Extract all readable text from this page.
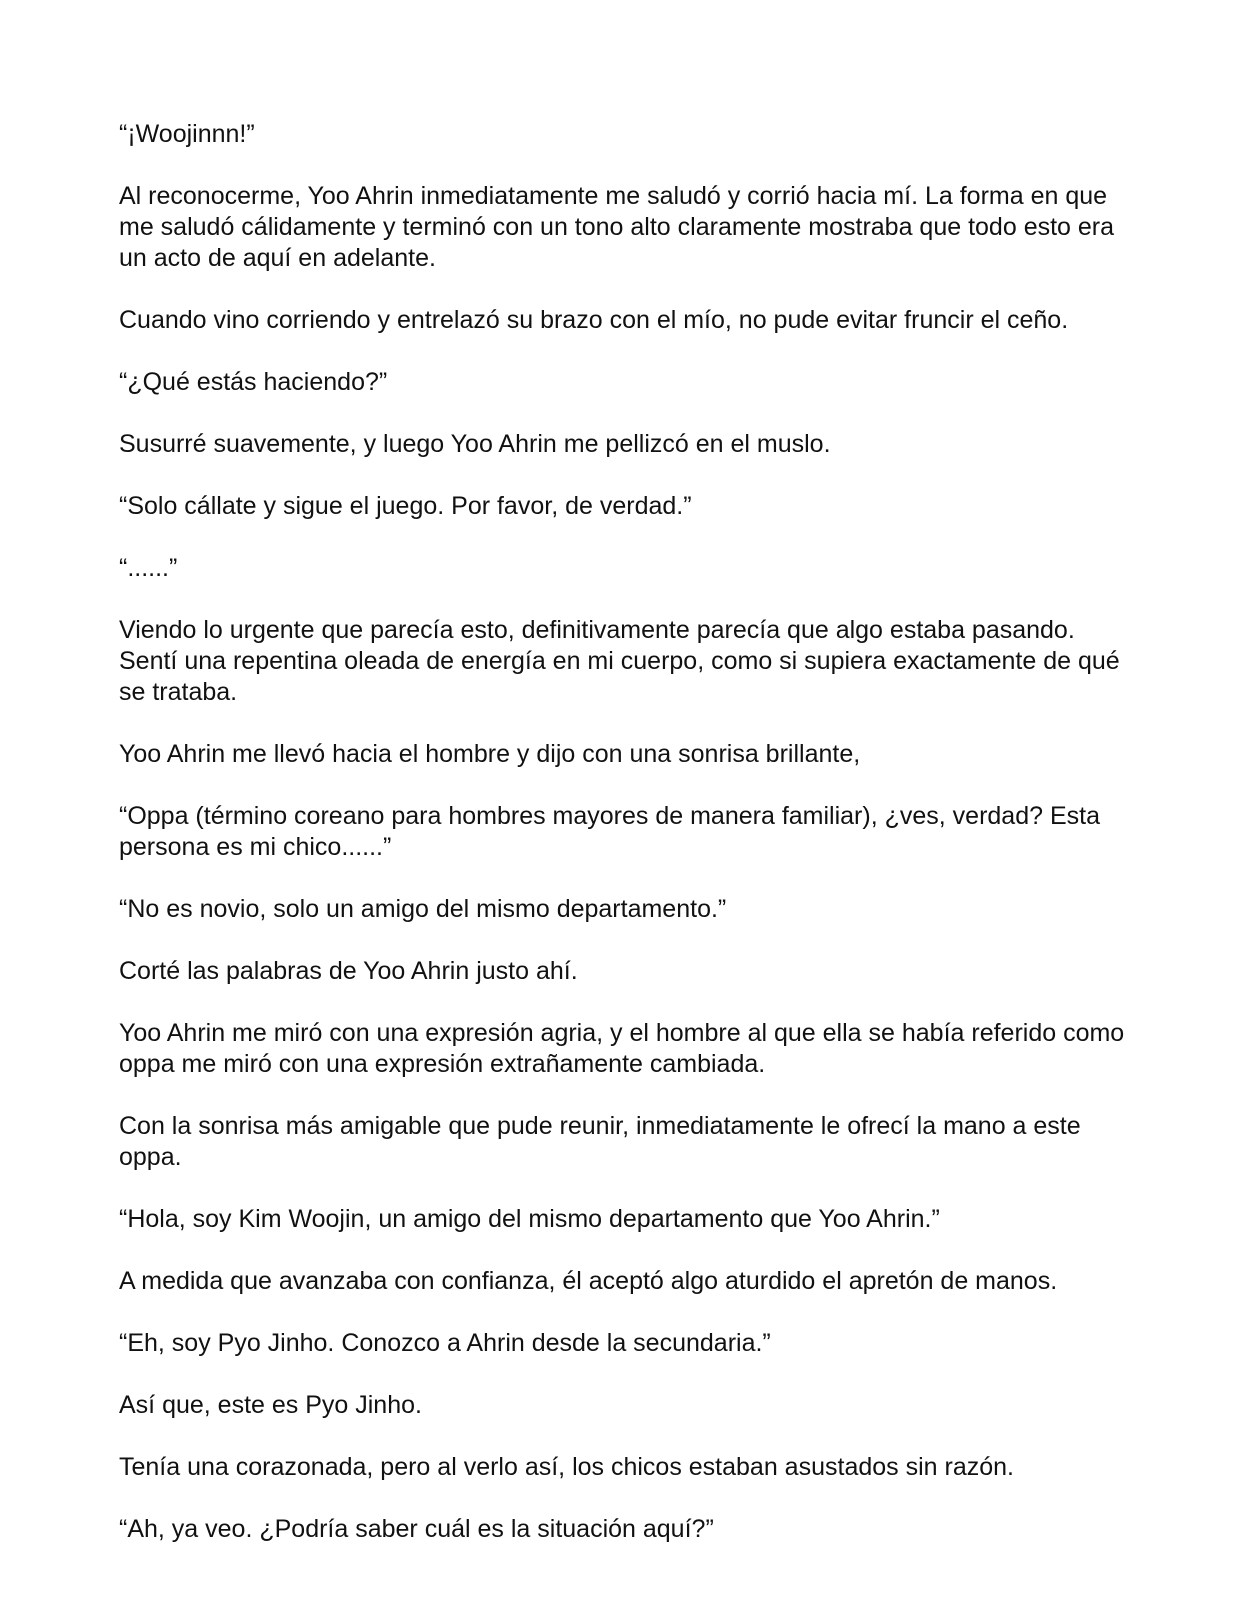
“¡Woojinnn!”

Al reconocerme, Yoo Ahrin inmediatamente me saludó y corrió hacia mí. La forma en que me saludó cálidamente y terminó con un tono alto claramente mostraba que todo esto era un acto de aquí en adelante.

Cuando vino corriendo y entrelazó su brazo con el mío, no pude evitar fruncir el ceño.

“¿Qué estás haciendo?”

Susurré suavemente, y luego Yoo Ahrin me pellizcó en el muslo.

“Solo cállate y sigue el juego. Por favor, de verdad.”

“......”

Viendo lo urgente que parecía esto, definitivamente parecía que algo estaba pasando. Sentí una repentina oleada de energía en mi cuerpo, como si supiera exactamente de qué se trataba.

Yoo Ahrin me llevó hacia el hombre y dijo con una sonrisa brillante,

“Oppa (término coreano para hombres mayores de manera familiar), ¿ves, verdad? Esta persona es mi chico......”

“No es novio, solo un amigo del mismo departamento.”

Corté las palabras de Yoo Ahrin justo ahí.

Yoo Ahrin me miró con una expresión agria, y el hombre al que ella se había referido como oppa me miró con una expresión extrañamente cambiada.

Con la sonrisa más amigable que pude reunir, inmediatamente le ofrecí la mano a este oppa.

“Hola, soy Kim Woojin, un amigo del mismo departamento que Yoo Ahrin.”

A medida que avanzaba con confianza, él aceptó algo aturdido el apretón de manos.

“Eh, soy Pyo Jinho. Conozco a Ahrin desde la secundaria.”

Así que, este es Pyo Jinho.

Tenía una corazonada, pero al verlo así, los chicos estaban asustados sin razón.

“Ah, ya veo. ¿Podría saber cuál es la situación aquí?”
